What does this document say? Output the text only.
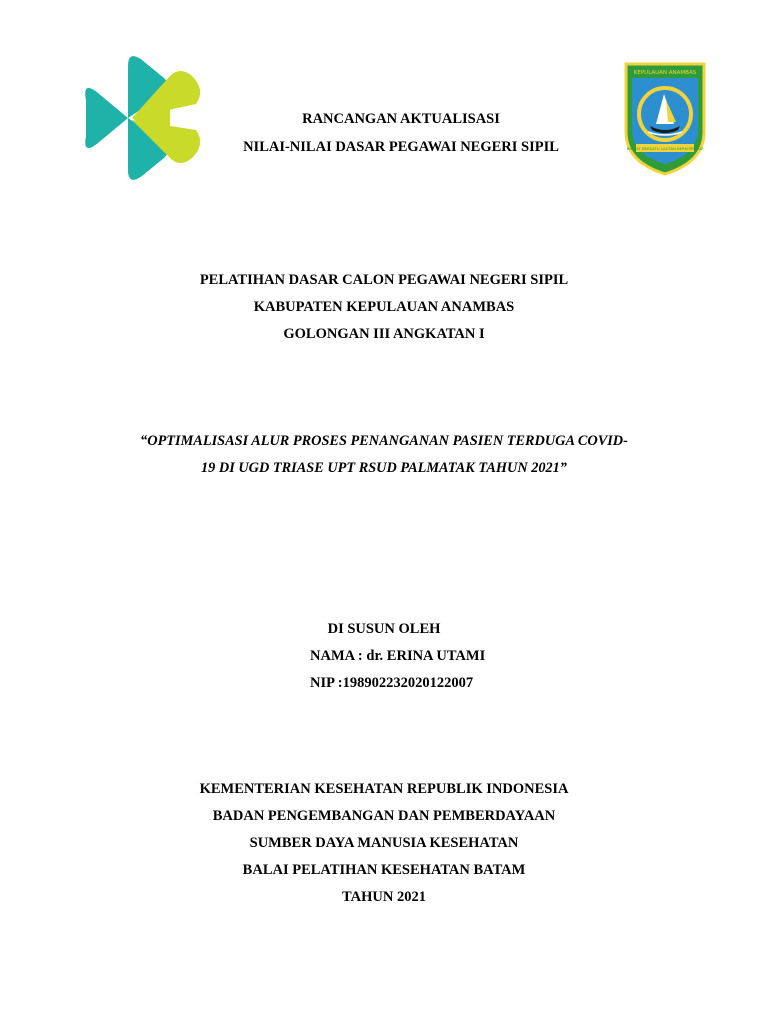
KEPULAUAN ANAMBAS
RAKYAT BERSATU LAUTAN BERKOPERASI
RANCANGAN AKTUALISASI
NILAI-NILAI DASAR PEGAWAI NEGERI SIPIL
PELATIHAN DASAR CALON PEGAWAI NEGERI SIPIL
KABUPATEN KEPULAUAN ANAMBAS
GOLONGAN III ANGKATAN I
“OPTIMALISASI ALUR PROSES PENANGANAN PASIEN TERDUGA COVID-
19 DI UGD TRIASE UPT RSUD PALMATAK TAHUN 2021”
DI SUSUN OLEH
NAMA : dr. ERINA UTAMI
NIP :198902232020122007
KEMENTERIAN KESEHATAN REPUBLIK INDONESIA
BADAN PENGEMBANGAN DAN PEMBERDAYAAN
SUMBER DAYA MANUSIA KESEHATAN
BALAI PELATIHAN KESEHATAN BATAM
TAHUN 2021
